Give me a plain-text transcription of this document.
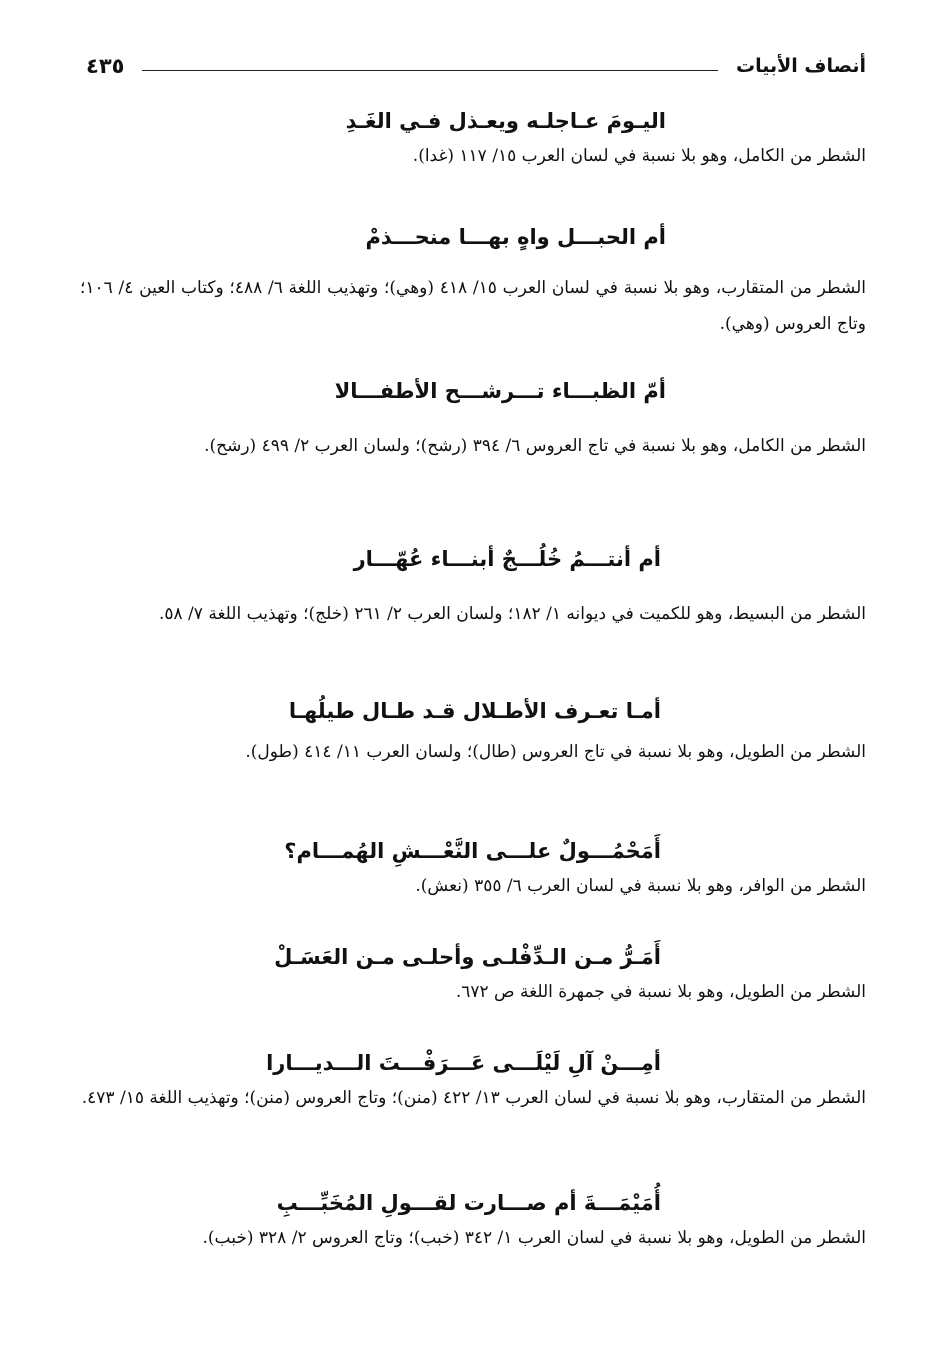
أنصاف الأبيات
٤٣٥
اليـومَ عـاجلـه ويعـذل فـي الغَـدِ
الشطر من الكامل، وهو بلا نسبة في لسان العرب ١٥/ ١١٧ (غدا).
أم الحبـــل واهٍ بهـــا منحـــذمْ
الشطر من المتقارب، وهو بلا نسبة في لسان العرب ١٥/ ٤١٨ (وهي)؛ وتهذيب اللغة ٦/ ٤٨٨؛ وكتاب العين ٤/ ١٠٦؛ وتاج العروس (وهي).
أمّ الظبـــاء تـــرشـــح الأطفـــالا
الشطر من الكامل، وهو بلا نسبة في تاج العروس ٦/ ٣٩٤ (رشح)؛ ولسان العرب ٢/ ٤٩٩ (رشح).
أم أنتـــمُ خُلُـــجٌ أبنـــاء عُهّـــار
الشطر من البسيط، وهو للكميت في ديوانه ١/ ١٨٢؛ ولسان العرب ٢/ ٢٦١ (خلج)؛ وتهذيب اللغة ٧/ ٥٨.
أمـا تعـرف الأطـلال قـد طـال طيلُهـا
الشطر من الطويل، وهو بلا نسبة في تاج العروس (طال)؛ ولسان العرب ١١/ ٤١٤ (طول).
أَمَحْمُـــولٌ علـــى النَّعْـــشِ الهُمـــام؟
الشطر من الوافر، وهو بلا نسبة في لسان العرب ٦/ ٣٥٥ (نعش).
أَمَـرُّ مـن الـدِّفْلـى وأحلـى مـن العَسَـلْ
الشطر من الطويل، وهو بلا نسبة في جمهرة اللغة ص ٦٧٢.
أمِـــنْ آلِ لَيْلَـــى عَـــرَفْـــتَ الـــديـــارا
الشطر من المتقارب، وهو بلا نسبة في لسان العرب ١٣/ ٤٢٢ (منن)؛ وتاج العروس (منن)؛ وتهذيب اللغة ١٥/ ٤٧٣.
أُمَيْمَـــةَ أم صـــارت لقـــولِ المُخَبِّـــبِ
الشطر من الطويل، وهو بلا نسبة في لسان العرب ١/ ٣٤٢ (خبب)؛ وتاج العروس ٢/ ٣٢٨ (خبب).
